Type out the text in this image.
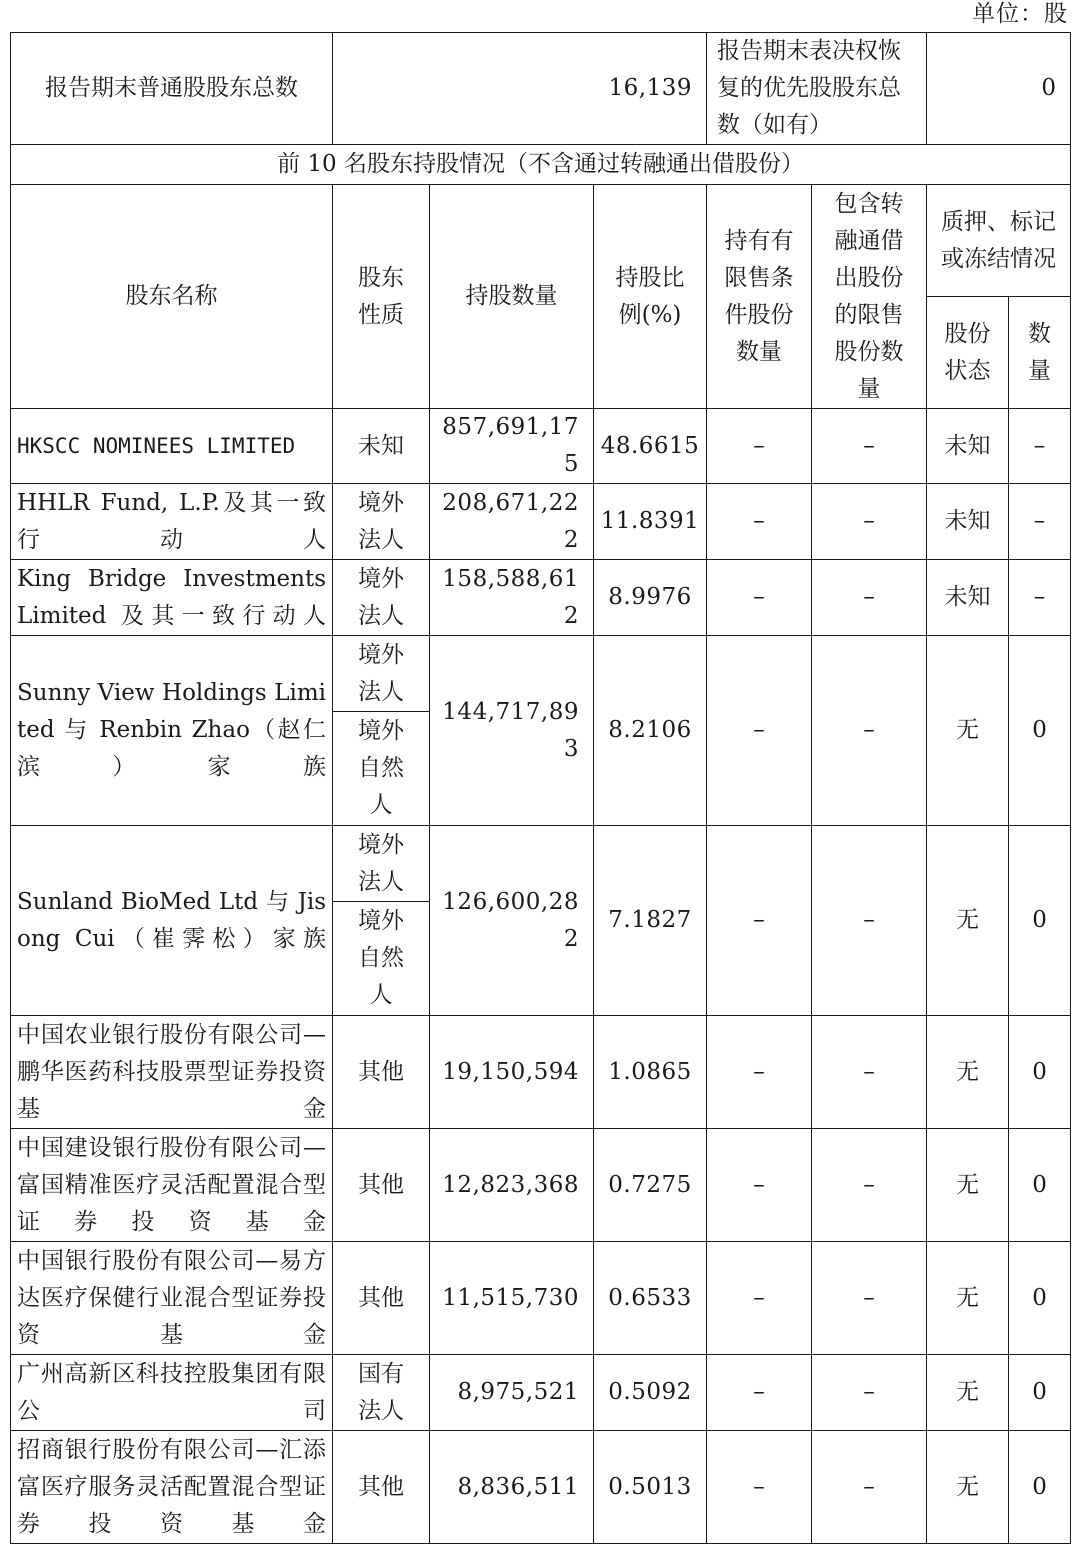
单位：股
报告期末普通股股东总数	16,139			报告期末表决权恢复的优先股股东总数（如有）		0	
前 10 名股东持股情况（不含通过转融通出借股份）							
股东名称	股东性质	持股数量	持股比例(%)	持有有限售条件股份数量	包含转融通借出股份的限售股份数量	质押、标记或冻结情况	
						股份状态	数量
HKSCC NOMINEES LIMITED	未知	857,691,175	48.6615	–	–	未知	–
HHLR Fund, L.P.及其一致行动人	境外法人	208,671,222	11.8391	–	–	未知	–
King Bridge Investments Limited 及其一致行动人	境外法人	158,588,612	8.9976	–	–	未知	–
Sunny View Holdings Limited 与 Renbin Zhao（赵仁滨）家族	境外法人	144,717,893	8.2106	–	–	无	0
	境外自然人						
Sunland BioMed Ltd 与 Jisong Cui（崔霁松）家族	境外法人	126,600,282	7.1827	–	–	无	0
	境外自然人						
中国农业银行股份有限公司—鹏华医药科技股票型证券投资基金	其他	19,150,594	1.0865	–	–	无	0
中国建设银行股份有限公司—富国精准医疗灵活配置混合型证券投资基金	其他	12,823,368	0.7275	–	–	无	0
中国银行股份有限公司—易方达医疗保健行业混合型证券投资基金	其他	11,515,730	0.6533	–	–	无	0
广州高新区科技控股集团有限公司	国有法人	8,975,521	0.5092	–	–	无	0
招商银行股份有限公司—汇添富医疗服务灵活配置混合型证券投资基金	其他	8,836,511	0.5013	–	–	无	0
